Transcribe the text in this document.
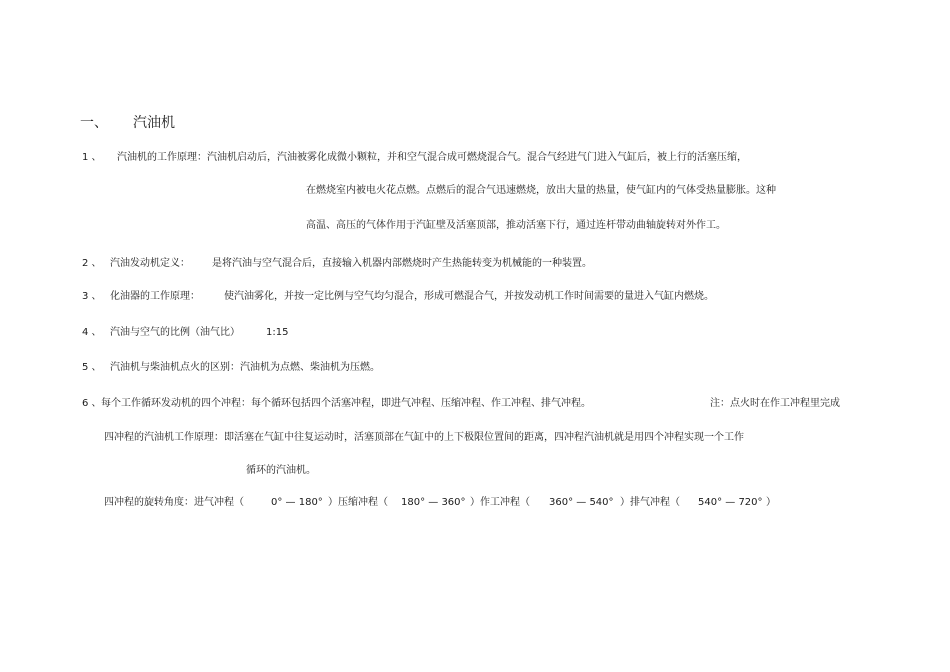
一、 汽油机
1 、 汽油机的工作原理：汽油机启动后，汽油被雾化成微小颗粒，并和空气混合成可燃烧混合气。混合气经进气门进入气缸后，被上行的活塞压缩，
在燃烧室内被电火花点燃。点燃后的混合气迅速燃烧，放出大量的热量，使气缸内的气体受热量膨胀。这种
高温、高压的气体作用于汽缸壁及活塞顶部，推动活塞下行，通过连杆带动曲轴旋转对外作工。
2 、 汽油发动机定义： 是将汽油与空气混合后，直接输入机器内部燃烧时产生热能转变为机械能的一种装置。
3 、 化油器的工作原理： 使汽油雾化，并按一定比例与空气均匀混合，形成可燃混合气，并按发动机工作时间需要的量进入气缸内燃烧。
4 、 汽油与空气的比例（油气比）	1:15
5 、 汽油机与柴油机点火的区别：汽油机为点燃、柴油机为压燃。
6 、 每个工作循环发动机的四个冲程：每个循环包括四个活塞冲程，即进气冲程、压缩冲程、作工冲程、排气冲程。	注：点火时在作工冲程里完成
四冲程的汽油机工作原理：即活塞在气缸中往复运动时，活塞顶部在气缸中的上下极限位置间的距离，四冲程汽油机就是用四个冲程实现一个工作
循环的汽油机。
四冲程的旋转角度：进气冲程（	0° — 180° ）压缩冲程（ 180° — 360° ）作工冲程（ 360° — 540° ）排气冲程（ 540° — 720° ）
